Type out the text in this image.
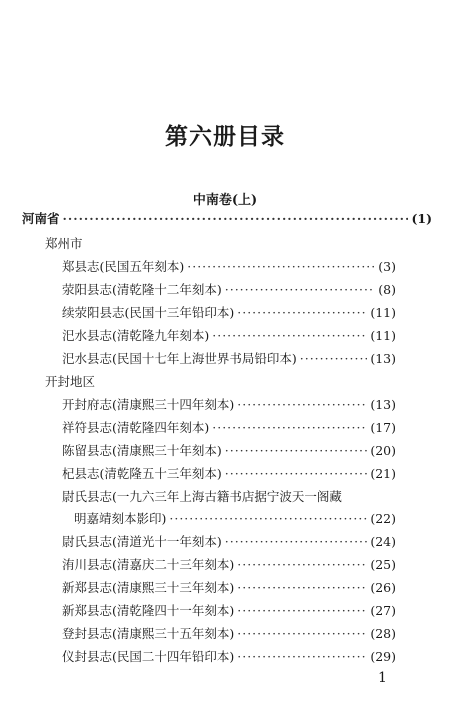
第六册目录
中南卷(上)
河南省 ·····	(1)
郑州市
郑县志(民国五年刻本) ·····	(3)
荥阳县志(清乾隆十二年刻本) ·····	(8)
续荥阳县志(民国十三年铅印本) ·····	(11)
汜水县志(清乾隆九年刻本) ·····	(11)
汜水县志(民国十七年上海世界书局铅印本) ·····	(13)
开封地区
开封府志(清康熙三十四年刻本) ·····	(13)
祥符县志(清乾隆四年刻本) ·····	(17)
陈留县志(清康熙三十年刻本) ·····	(20)
杞县志(清乾隆五十三年刻本) ·····	(21)
尉氏县志(一九六三年上海古籍书店据宁波天一阁藏
明嘉靖刻本影印) ·····	(22)
尉氏县志(清道光十一年刻本) ·····	(24)
洧川县志(清嘉庆二十三年刻本) ·····	(25)
新郑县志(清康熙三十三年刻本) ·····	(26)
新郑县志(清乾隆四十一年刻本) ·····	(27)
登封县志(清康熙三十五年刻本) ·····	(28)
仪封县志(民国二十四年铅印本) ·····	(29)
1
